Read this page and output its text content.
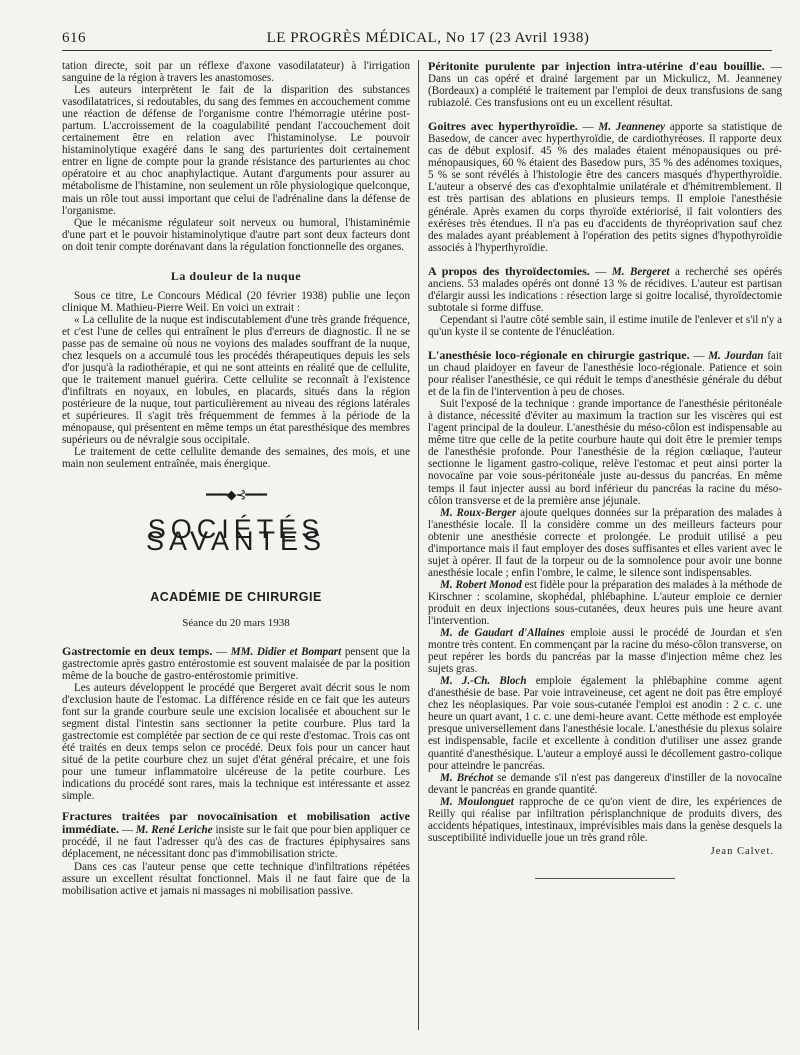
616	LE PROGRÈS MÉDICAL, No 17 (23 Avril 1938)

tation directe, soit par un réflexe d'axone vasodilatateur) à l'irrigation sanguine de la région à travers les anastomoses.

Les auteurs interprètent le fait de la disparition des substances vasodilatatrices, si redoutables, du sang des femmes en accouchement comme une réaction de défense de l'organisme contre l'hémorragie utérine post-partum. L'accroissement de la coagulabilité pendant l'accouchement doit certainement être en relation avec l'histaminolyse. Le pouvoir histaminolytique exagéré dans le sang des parturientes doit certainement entrer en ligne de compte pour la grande résistance des parturientes au choc opératoire et au choc anaphylactique. Autant d'arguments pour assurer au métabolisme de l'histamine, non seulement un rôle physiologique quelconque, mais un rôle tout aussi important que celui de l'adrénaline dans la défense de l'organisme.

Que le mécanisme régulateur soit nerveux ou humoral, l'histaminémie d'une part et le pouvoir histaminolytique d'autre part sont deux facteurs dont on doit tenir compte dorénavant dans la régulation fonctionnelle des organes.

La douleur de la nuque

Sous ce titre, Le Concours Médical (20 février 1938) publie une leçon clinique M. Mathieu-Pierre Weil. En voici un extrait :

« La cellulite de la nuque est indiscutablement d'une très grande fréquence, et c'est l'une de celles qui entraînent le plus d'erreurs de diagnostic. Il ne se passe pas de semaine où nous ne voyions des malades souffrant de la nuque, chez lesquels on a accumulé tous les procédés thérapeutiques depuis les sels d'or jusqu'à la radiothérapie, et qui ne sont atteints en réalité que de cellulite, que le traitement manuel guérira. Cette cellulite se reconnaît à l'existence d'infiltrats en noyaux, en lobules, en placards, situés dans la région postérieure de la nuque, tout particulièrement au niveau des régions latérales et supérieures. Il s'agit très fréquemment de femmes à la période de la ménopause, qui présentent en même temps un état paresthésique des membres supérieurs ou de névralgie sous occipitale.

Le traitement de cette cellulite demande des semaines, des mois, et une main non seulement entraînée, mais énergique.

━━━◆⊰━━━
SOCIÉTÉS SAVANTES
ACADÉMIE DE CHIRURGIE
Séance du 20 mars 1938

Gastrectomie en deux temps. — MM. Didier et Bompart pensent que la gastrectomie après gastro entérostomie est souvent malaisée de par la position même de la bouche de gastro-entérostomie primitive.

Les auteurs développent le procédé que Bergeret avait décrit sous le nom d'exclusion haute de l'estomac. La différence réside en ce fait que les auteurs font sur la grande courbure seule une excision localisée et abouchent sur le segment distal l'intestin sans sectionner la petite courbure. Plus tard la gastrectomie est complétée par section de ce qui reste d'estomac. Trois cas ont été traités en deux temps selon ce procédé. Deux fois pour un cancer haut situé de la petite courbure chez un sujet d'état général précaire, et une fois pour une tumeur inflammatoire ulcéreuse de la petite courbure. Les indications du procédé sont rares, mais la technique est intéressante et assez simple.

Fractures traitées par novocaïnisation et mobilisation active immédiate. — M. René Leriche insiste sur le fait que pour bien appliquer ce procédé, il ne faut l'adresser qu'à des cas de fractures épiphysaires sans déplacement, ne nécessitant donc pas d'immobilisation stricte.

Dans ces cas l'auteur pense que cette technique d'infiltrations répétées assure un excellent résultat fonctionnel. Mais il ne faut faire que de la mobilisation active et jamais ni massages ni mobilisation passive.

Péritonite purulente par injection intra-utérine d'eau bouillie. — Dans un cas opéré et drainé largement par un Mickulicz, M. Jeanneney (Bordeaux) a complété le traitement par l'emploi de deux transfusions de sang rubiazolé. Ces transfusions ont eu un excellent résultat.

Goitres avec hyperthyroïdie. — M. Jeanneney apporte sa statistique de Basedow, de cancer avec hyperthyroïdie, de cardiothyréoses. Il rapporte deux cas de début explosif. 45 % des malades étaient ménopausiques ou pré-ménopausiques, 60 % étaient des Basedow purs, 35 % des adénomes toxiques, 5 % se sont révélés à l'histologie être des cancers masqués d'hyperthyroïdie. L'auteur a observé des cas d'exophtalmie unilatérale et d'hémitremblement. Il est très partisan des ablations en plusieurs temps. Il emploie l'anesthésie générale. Après examen du corps thyroïde extériorisé, il fait volontiers des exérèses très étendues. Il n'a pas eu d'accidents de thyréoprivation sauf chez des malades ayant préablement à l'opération des petits signes d'hypothyroïdie associés à l'hyperthyroïdie.

A propos des thyroïdectomies. — M. Bergeret a recherché ses opérés anciens. 53 malades opérés ont donné 13 % de récidives. L'auteur est partisan d'élargir aussi les indications : résection large si goitre localisé, thyroïdectomie subtotale si forme diffuse.

Cependant si l'autre côté semble sain, il estime inutile de l'enlever et s'il n'y a qu'un kyste il se contente de l'énucléation.

L'anesthésie loco-régionale en chirurgie gastrique. — M. Jourdan fait un chaud plaidoyer en faveur de l'anesthésie loco-régionale. Patience et soin pour réaliser l'anesthésie, ce qui réduit le temps d'anesthésie générale du début et de la fin de l'intervention à peu de choses.

Suit l'exposé de la technique : grande importance de l'anesthésie péritonéale à distance, nécessité d'éviter au maximum la traction sur les viscères qui est l'agent principal de la douleur. L'anesthésie du méso-côlon est indispensable au même titre que celle de la petite courbure haute qui doit être le premier temps de l'anesthésie profonde. Pour l'anesthésie de la région cœliaque, l'auteur sectionne le ligament gastro-colique, relève l'estomac et peut ainsi porter la novocaïne par voie sous-péritonéale juste au-dessus du pancréas. En même temps il faut injecter aussi au bord inférieur du pancréas la racine du méso-côlon transverse et de la première anse jéjunale.

M. Roux-Berger ajoute quelques données sur la préparation des malades à l'anesthésie locale. Il la considère comme un des meilleurs facteurs pour obtenir une anesthésie correcte et prolongée. Le produit utilisé a peu d'importance mais il faut employer des doses suffisantes et elles varient avec le sujet à opérer. Il faut de la torpeur ou de la somnolence pour avoir une bonne anesthésie locale ; enfin l'ombre, le calme, le silence sont indispensables.

M. Robert Monod est fidèle pour la préparation des malades à la méthode de Kirschner : scolamine, skophédal, phlébaphine. L'auteur emploie ce dernier produit en deux injections sous-cutanées, deux heures puis une heure avant l'intervention.

M. de Gaudart d'Allaines emploie aussi le procédé de Jourdan et s'en montre très content. En commençant par la racine du méso-côlon transverse, on peut repérer les bords du pancréas par la masse d'injection même chez les sujets gras.

M. J.-Ch. Bloch emploie également la phlébaphine comme agent d'anesthésie de base. Par voie intraveineuse, cet agent ne doit pas être employé chez les néoplasiques. Par voie sous-cutanée l'emploi est anodin : 2 c. c. une heure un quart avant, 1 c. c. une demi-heure avant. Cette méthode est employée presque universellement dans l'anesthésie locale. L'anesthésie du plexus solaire est indispensable, facile et excellente à condition d'utiliser une assez grande quantité d'anesthésique. L'auteur a employé aussi le décollement gastro-colique pour atteindre le pancréas.

M. Bréchot se demande s'il n'est pas dangereux d'instiller de la novocaïne devant le pancréas en grande quantité.

M. Moulonguet rapproche de ce qu'on vient de dire, les expériences de Reilly qui réalise par infiltration périsplanchnique de produits divers, des accidents hépatiques, intestinaux, imprévisibles mais dans la genèse desquels la susceptibilité individuelle joue un très grand rôle.

Jean Calvet.
